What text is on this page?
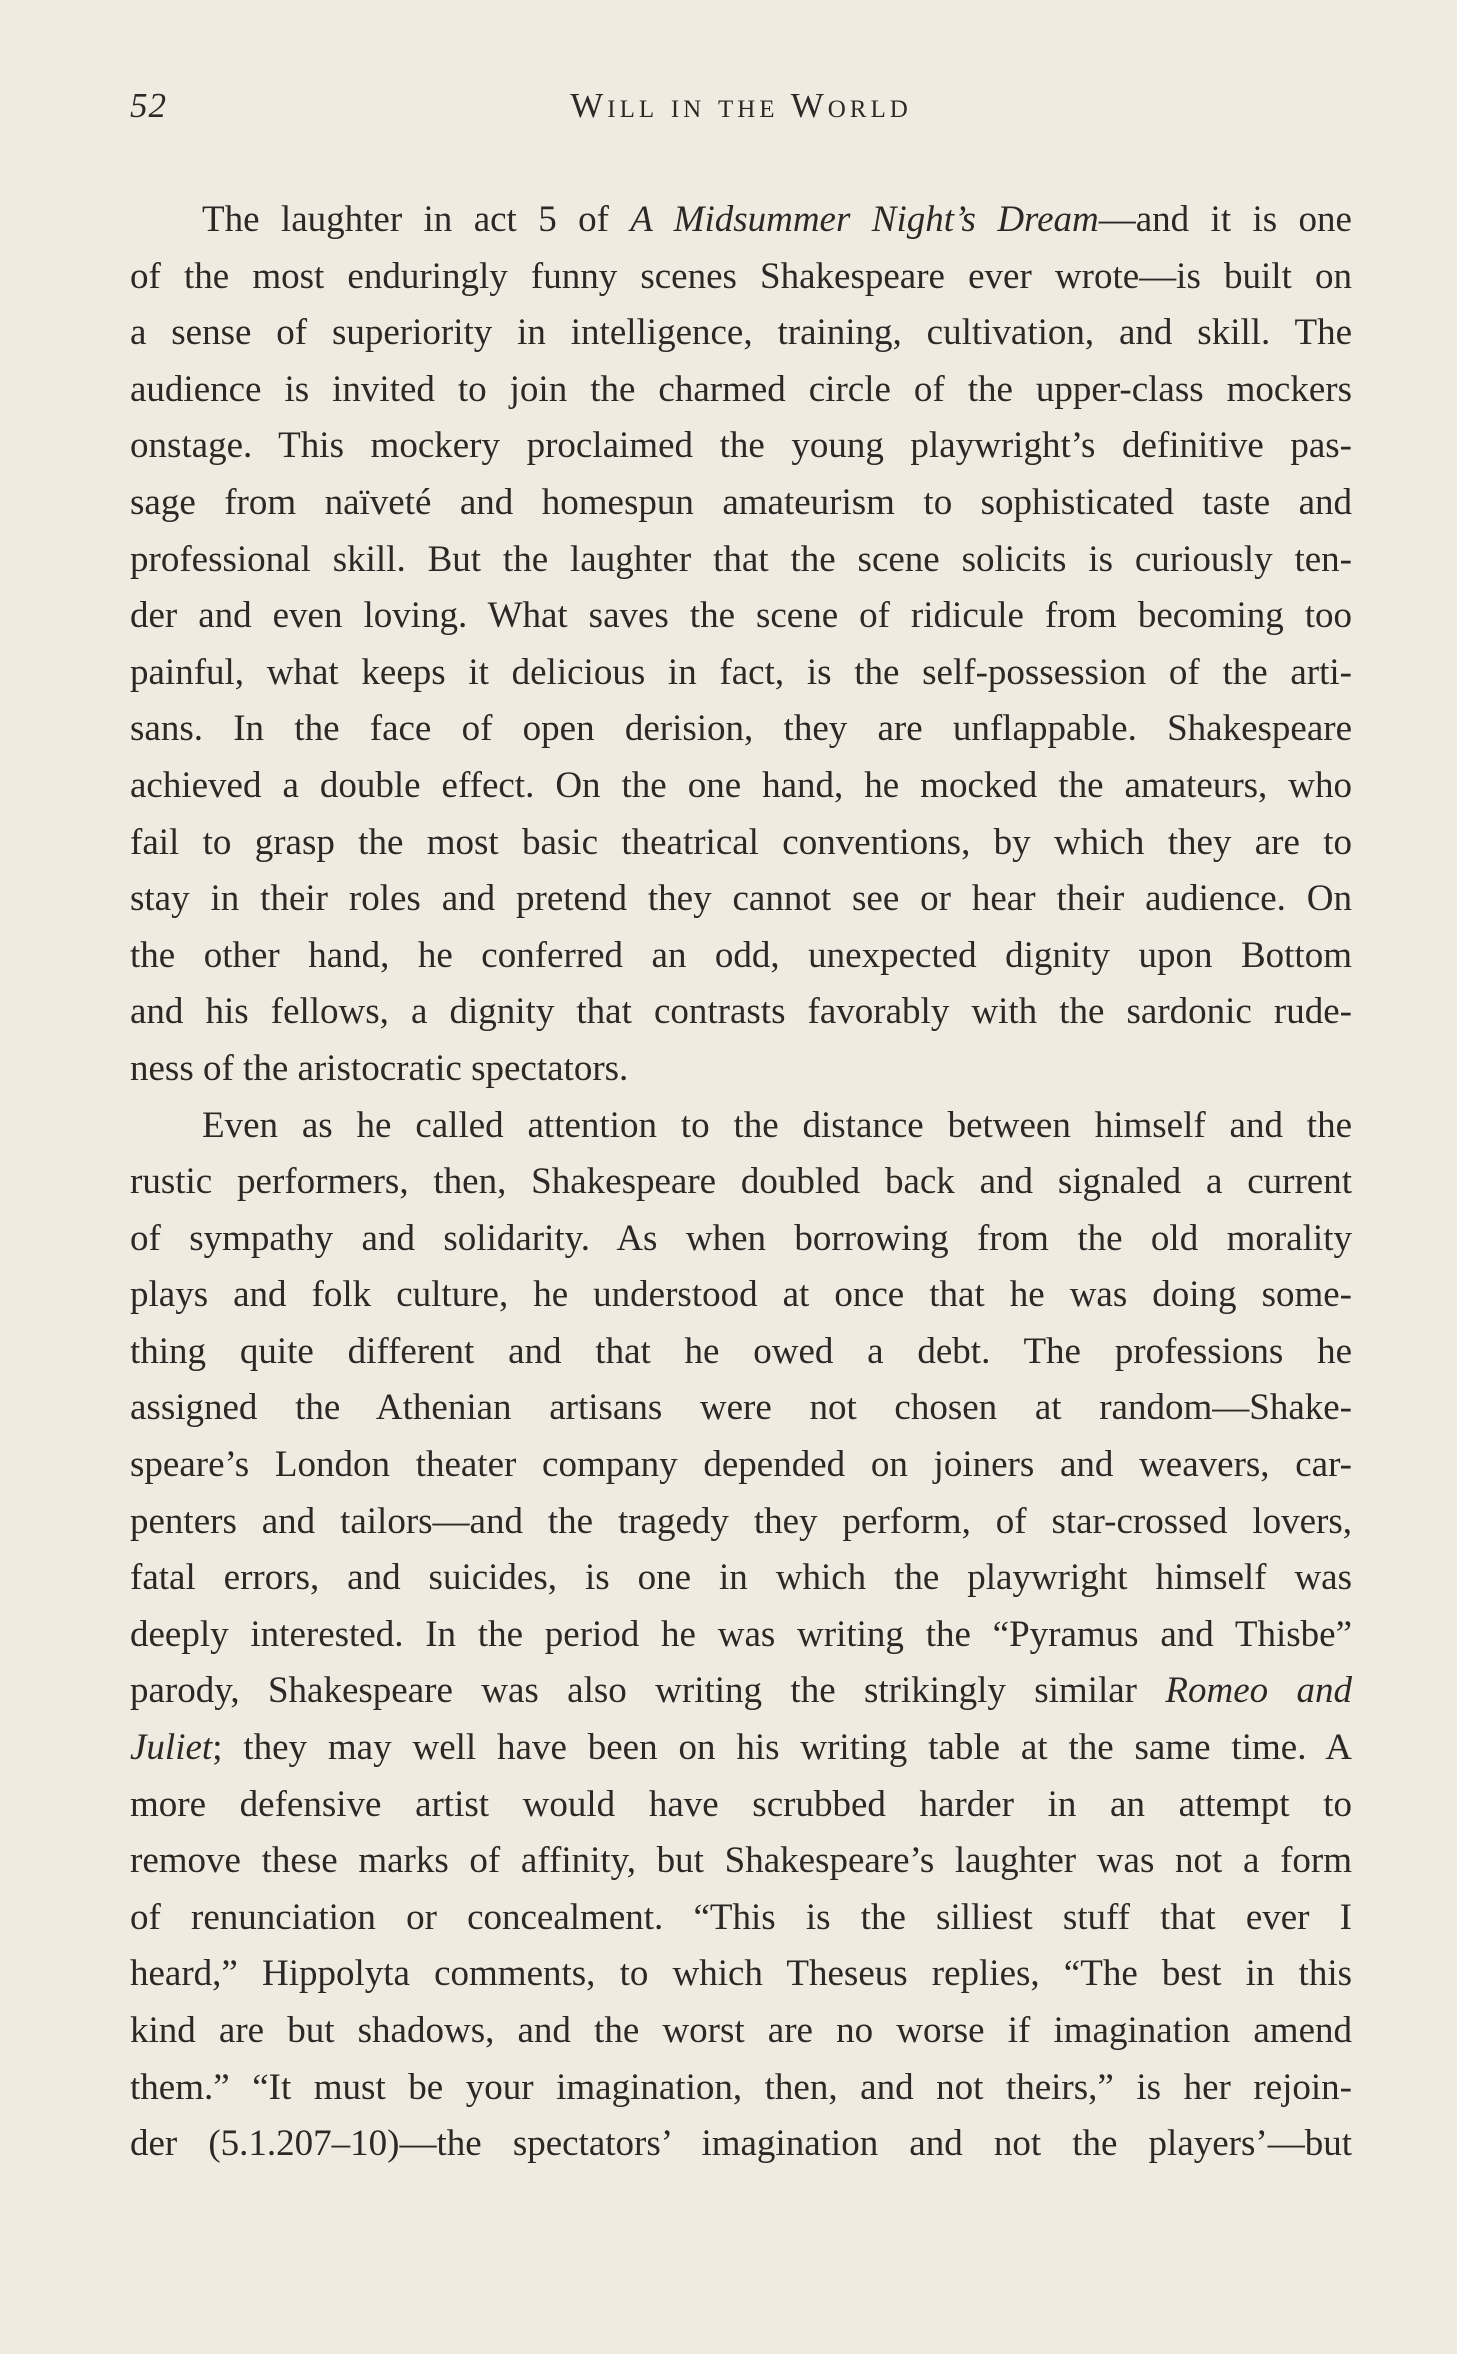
52	Will in the World
The laughter in act 5 of A Midsummer Night’s Dream—and it is one
of the most enduringly funny scenes Shakespeare ever wrote—is built on
a sense of superiority in intelligence, training, cultivation, and skill. The
audience is invited to join the charmed circle of the upper-class mockers
onstage. This mockery proclaimed the young playwright’s definitive pas-
sage from naïveté and homespun amateurism to sophisticated taste and
professional skill. But the laughter that the scene solicits is curiously ten-
der and even loving. What saves the scene of ridicule from becoming too
painful, what keeps it delicious in fact, is the self-possession of the arti-
sans. In the face of open derision, they are unflappable. Shakespeare
achieved a double effect. On the one hand, he mocked the amateurs, who
fail to grasp the most basic theatrical conventions, by which they are to
stay in their roles and pretend they cannot see or hear their audience. On
the other hand, he conferred an odd, unexpected dignity upon Bottom
and his fellows, a dignity that contrasts favorably with the sardonic rude-
ness of the aristocratic spectators.
Even as he called attention to the distance between himself and the
rustic performers, then, Shakespeare doubled back and signaled a current
of sympathy and solidarity. As when borrowing from the old morality
plays and folk culture, he understood at once that he was doing some-
thing quite different and that he owed a debt. The professions he
assigned the Athenian artisans were not chosen at random—Shake-
speare’s London theater company depended on joiners and weavers, car-
penters and tailors—and the tragedy they perform, of star-crossed lovers,
fatal errors, and suicides, is one in which the playwright himself was
deeply interested. In the period he was writing the “Pyramus and Thisbe”
parody, Shakespeare was also writing the strikingly similar Romeo and
Juliet; they may well have been on his writing table at the same time. A
more defensive artist would have scrubbed harder in an attempt to
remove these marks of affinity, but Shakespeare’s laughter was not a form
of renunciation or concealment. “This is the silliest stuff that ever I
heard,” Hippolyta comments, to which Theseus replies, “The best in this
kind are but shadows, and the worst are no worse if imagination amend
them.” “It must be your imagination, then, and not theirs,” is her rejoin-
der (5.1.207–10)—the spectators’ imagination and not the players’—but
